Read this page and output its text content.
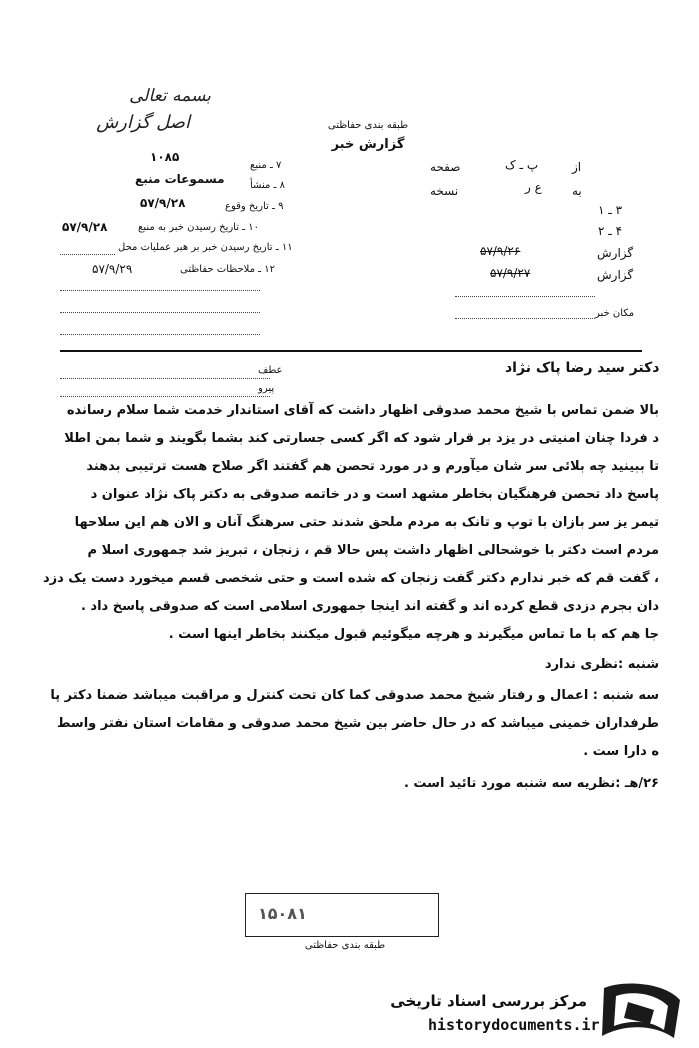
بسمه تعالی
اصل گزارش	طبقه بندی حفاظتی
گزارش خبر
صفحه	پ ـ ک	از
نسخه	ع ر	به
۳ ـ ۱
۴ ـ ۲
۵۷/۹/۲۶	گزارش
۵۷/۹/۲۷	گزارش
مکان خبر
۱۰۸۵
۷ ـ منبع
مسموعات منبع	۸ ـ منشأ
۵۷/۹/۲۸	۹ ـ تاریخ وقوع
۵۷/۹/۲۸	۱۰ ـ تاریخ رسیدن خبر به منبع
۱۱ ـ تاریخ رسیدن خبر بر هبر عملیات محل
۵۷/۹/۲۹	۱۲ ـ ملاحظات حفاظتی
عطف	دکتر سید رضا پاک نژاد
پیرو
بالا ضمن تماس با شیخ محمد صدوقی اظهار داشت که آقای استاندار خدمت شما سلام رسانده
د فردا چنان امنیتی در یزد بر قرار شود که اگر کسی جسارتی کند بشما بگویند و شما بمن اطلا
تا ببینید چه بلائی سر شان میآورم و در مورد تحصن هم گفتند اگر صلاح هست ترتیبی بدهند
پاسخ داد تحصن فرهنگیان بخاطر مشهد است و در خاتمه صدوقی به دکتر پاک نژاد عنوان د
تیمر یز سر بازان با توپ و تانک به مردم ملحق شدند حتی سرهنگ آنان و الان هم این سلاحها
مردم است دکتر با خوشحالی اظهار داشت پس حالا قم ، زنجان ، تبریز شد جمهوری اسلا م
، گفت قم که خبر ندارم دکتر گفت زنجان که شده است و حتی شخصی قسم میخورد دست یک دزد
دان بجرم دزدی قطع کرده اند و گفته اند اینجا جمهوری اسلامی است که صدوقی پاسخ داد .
جا هم که با ما تماس میگیرند و هرچه میگوئیم قبول میکنند بخاطر اینها است .
شنبه :نظری ندارد
سه شنبه : اعمال و رفتار شیخ محمد صدوقی کما کان تحت کنترل و مراقبت میباشد ضمنا دکتر پا
طرفداران خمینی میباشد که در حال حاضر بین شیخ محمد صدوقی و مقامات استان نفتر واسط
ه دارا ست .
۲۶/هـ :نظریه سه شنبه مورد تائید است .
۱۵۰۸۱
طبقه بندی حفاظتی
مرکز بررسی اسناد تاریخی
historydocuments.ir
